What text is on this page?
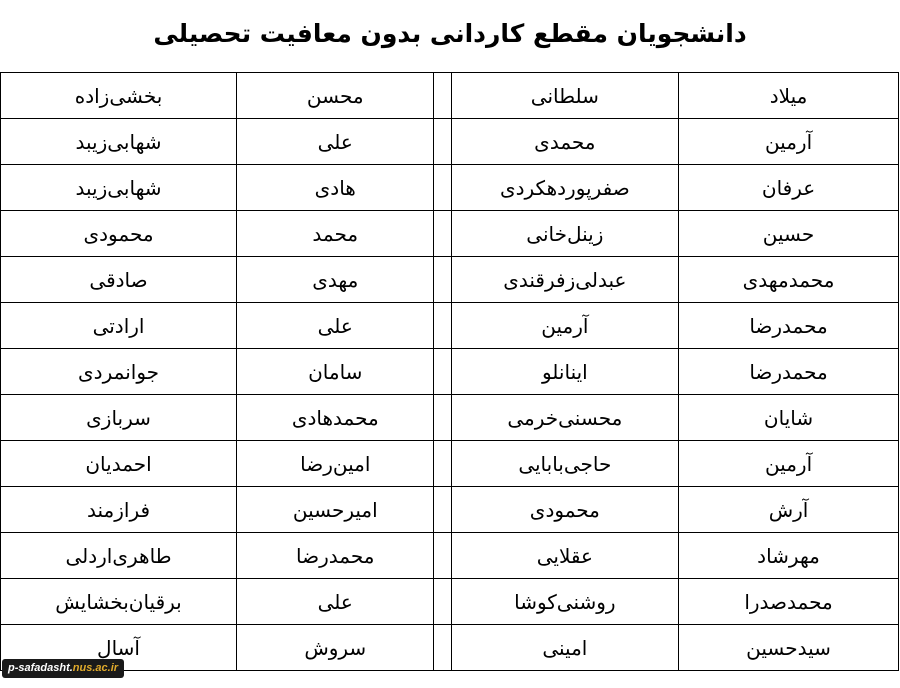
دانشجویان مقطع کاردانی بدون معافیت تحصیلی
میلاد	سلطانی		محسن	بخشی‌زاده
آرمین	محمدی		علی	شهابی‌زیبد
عرفان	صفرپوردهکردی		هادی	شهابی‌زیبد
حسین	زینل‌خانی		محمد	محمودی
محمدمهدی	عبدلی‌زفرقندی		مهدی	صادقی
محمدرضا	آرمین		علی	ارادتی
محمدرضا	اینانلو		سامان	جوانمردی
شایان	محسنی‌خرمی		محمدهادی	سربازی
آرمین	حاجی‌بابایی		امین‌رضا	احمدیان
آرش	محمودی		امیرحسین	فرازمند
مهرشاد	عقلایی		محمدرضا	طاهری‌اردلی
محمدصدرا	روشنی‌کوشا		علی	برقیان‌بخشایش
سیدحسین	امینی		سروش	آسال
p-safadasht.nus.ac.ir
